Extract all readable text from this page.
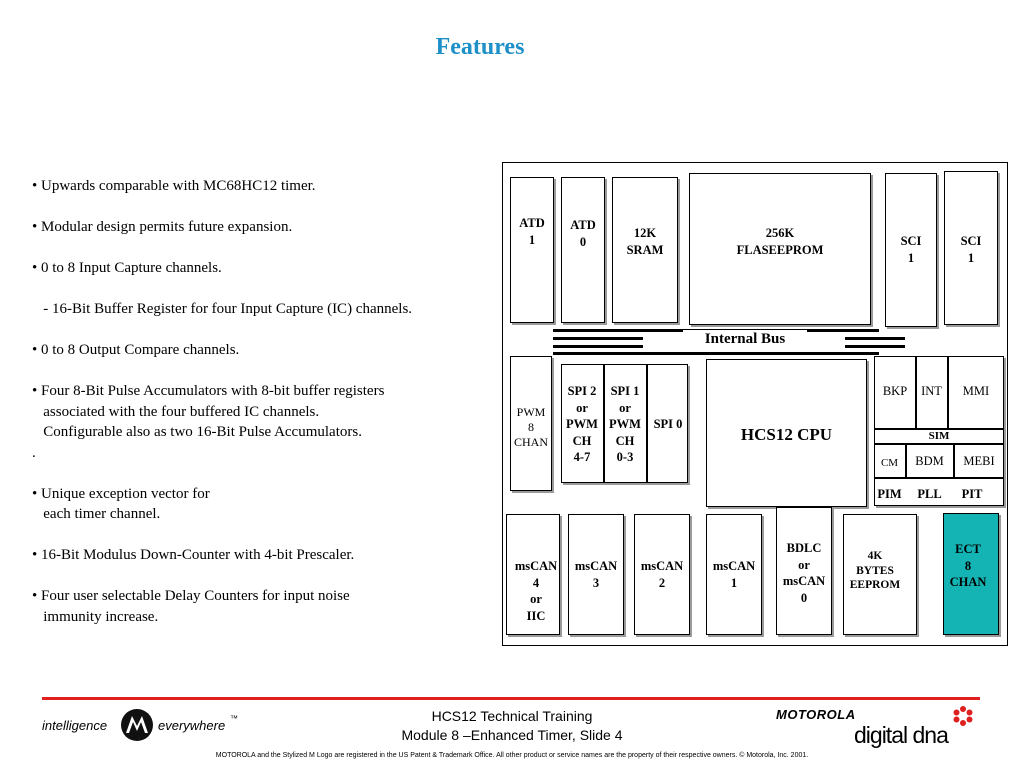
Features
• Upwards comparable with MC68HC12 timer.
• Modular design permits future expansion.
• 0 to 8 Input Capture channels.
- 16-Bit Buffer Register for four Input Capture (IC) channels.
• 0 to 8 Output Compare channels.
• Four 8-Bit Pulse Accumulators with 8-bit buffer registers
associated with the four buffered IC channels.
Configurable also as two 16-Bit Pulse Accumulators.
.
• Unique exception vector for
each timer channel.
• 16-Bit Modulus Down-Counter with 4-bit Prescaler.
• Four user selectable Delay Counters for input noise
immunity increase.
ATD
1
ATD
0
12K
SRAM
256K
FLASEEPROM
SCI
1
SCI
1
Internal Bus
PWM
8
CHAN
SPI 2
or
PWM
CH
4-7
SPI 1
or
PWM
CH
0-3
SPI 0
HCS12 CPU
BKP	INT	MMI
SIM
CM	BDM	MEBI
PIM	PLL	PIT
msCAN
4
or
IIC
msCAN
3
msCAN
2
msCAN
1
BDLC
or
msCAN
0
4K
BYTES
EEPROM
ECT
8
CHAN
intelligence	everywhere ™	HCS12 Technical Training
Module 8 –Enhanced Timer, Slide 4
MOTOROLA
digital dna
MOTOROLA and the Stylized M Logo are registered in the US Patent & Trademark Office. All other product or service names are the property of their respective owners. © Motorola, Inc. 2001.
